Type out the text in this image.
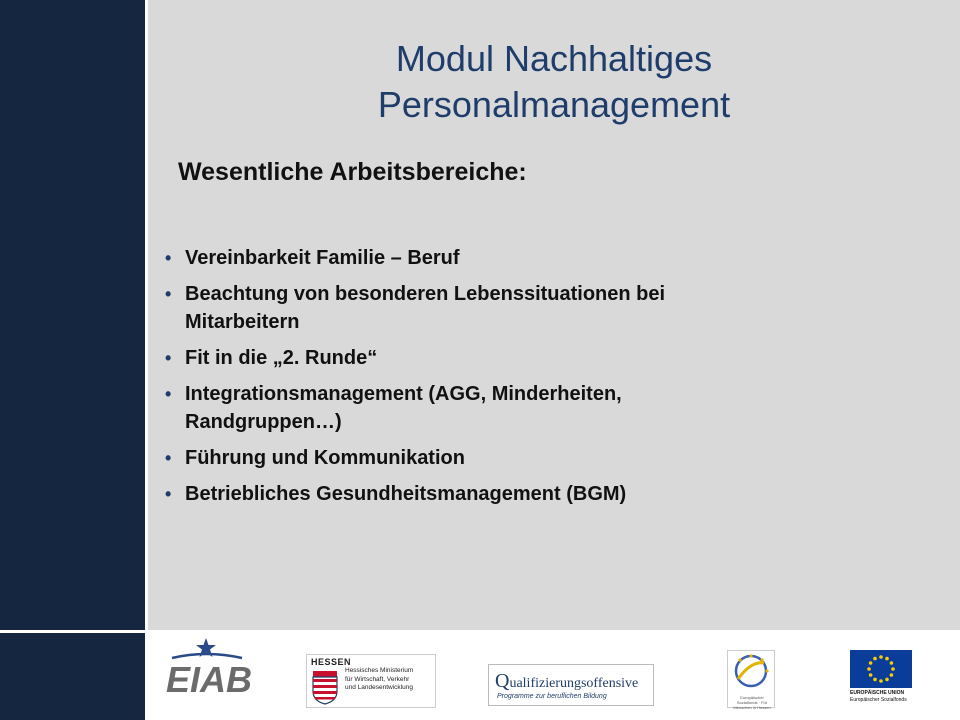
Modul Nachhaltiges
Personalmanagement
Wesentliche Arbeitsbereiche:
• Vereinbarkeit Familie – Beruf
• Beachtung von besonderen Lebenssituationen bei
Mitarbeitern
• Fit in die „2. Runde“
• Integrationsmanagement (AGG, Minderheiten,
Randgruppen…)
• Führung und Kommunikation
• Betriebliches Gesundheitsmanagement (BGM)
EIAB	HESSEN
Hessisches Ministerium
für Wirtschaft, Verkehr
und Landesentwicklung	Qualifizierungsoffensive
Programme zur beruflichen Bildung	Europäischer Sozialfonds · Für Menschen in Hessen
EUROPÄISCHE UNION
Europäischer Sozialfonds
